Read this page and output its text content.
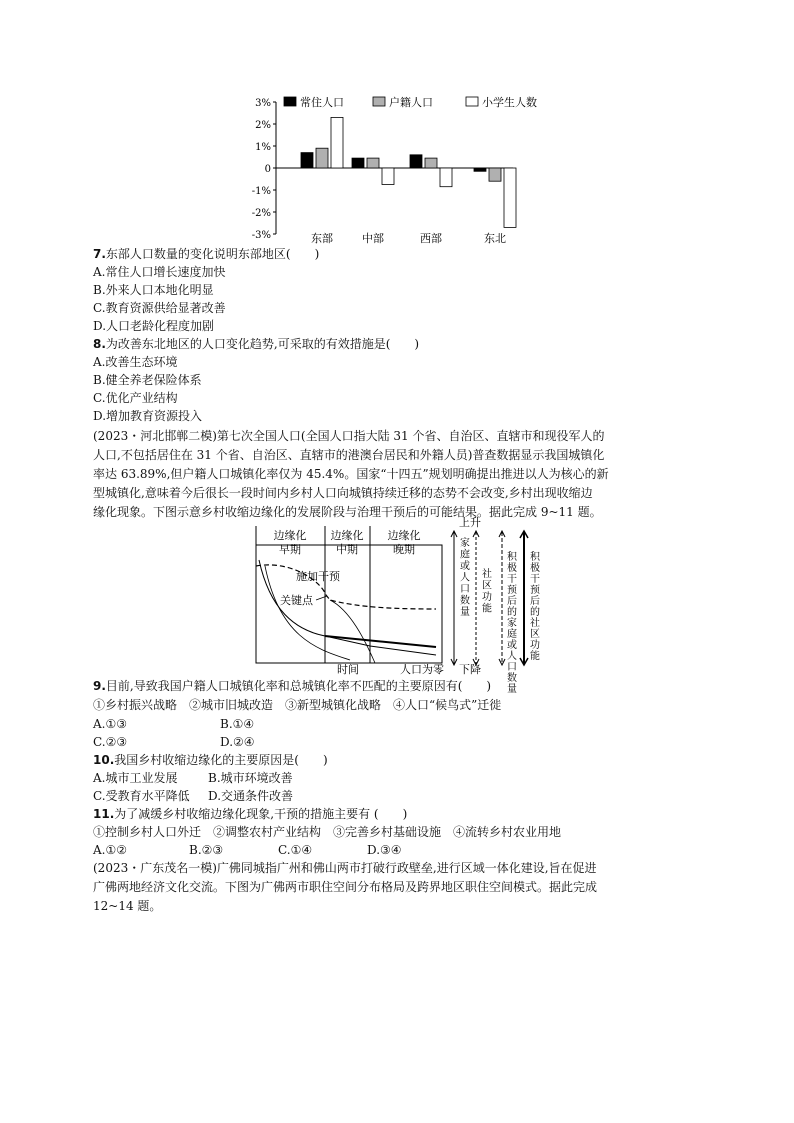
3%
2%
1%
0
-1%
-2%
-3%	东部	中部	西部	东北
常住人口	户籍人口	小学生人数
7.东部人口数量的变化说明东部地区(　　)
A.常住人口增长速度加快
B.外来人口本地化明显
C.教育资源供给显著改善
D.人口老龄化程度加剧
8.为改善东北地区的人口变化趋势,可采取的有效措施是(　　)
A.改善生态环境
B.健全养老保险体系
C.优化产业结构
D.增加教育资源投入
(2023・河北邯郸二模)第七次全国人口(全国人口指大陆 31 个省、自治区、直辖市和现役军人的
人口,不包括居住在 31 个省、自治区、直辖市的港澳台居民和外籍人员)普查数据显示我国城镇化
率达 63.89%,但户籍人口城镇化率仅为 45.4%。国家“十四五”规划明确提出推进以人为核心的新
型城镇化,意味着今后很长一段时间内乡村人口向城镇持续迁移的态势不会改变,乡村出现收缩边
缘化现象。下图示意乡村收缩边缘化的发展阶段与治理干预后的可能结果。据此完成 9~11 题。
边缘化
早期
边缘化
中期
边缘化
晚期
施加干预
关键点
时间	人口为零
上升
下降
家
庭
或
人
口
数
量
社
区
功
能
积
极
干
预
后
的
家
庭
或
人
口
数
量
积
极
干
预
后
的
社
区
功
能
9.目前,导致我国户籍人口城镇化率和总城镇化率不匹配的主要原因有(　　)
①乡村振兴战略　②城市旧城改造　③新型城镇化战略　④人口“候鸟式”迁徙
A.①③	B.①④
C.②③	D.②④
10.我国乡村收缩边缘化的主要原因是(　　)
A.城市工业发展	B.城市环境改善
C.受教育水平降低 D.交通条件改善
11.为了减缓乡村收缩边缘化现象,干预的措施主要有 (　　)
①控制乡村人口外迁　②调整农村产业结构　③完善乡村基础设施　④流转乡村农业用地
A.①②	B.②③	C.①④	D.③④
(2023・广东茂名一模)广佛同城指广州和佛山两市打破行政壁垒,进行区域一体化建设,旨在促进
广佛两地经济文化交流。下图为广佛两市职住空间分布格局及跨界地区职住空间模式。据此完成
12~14 题。
